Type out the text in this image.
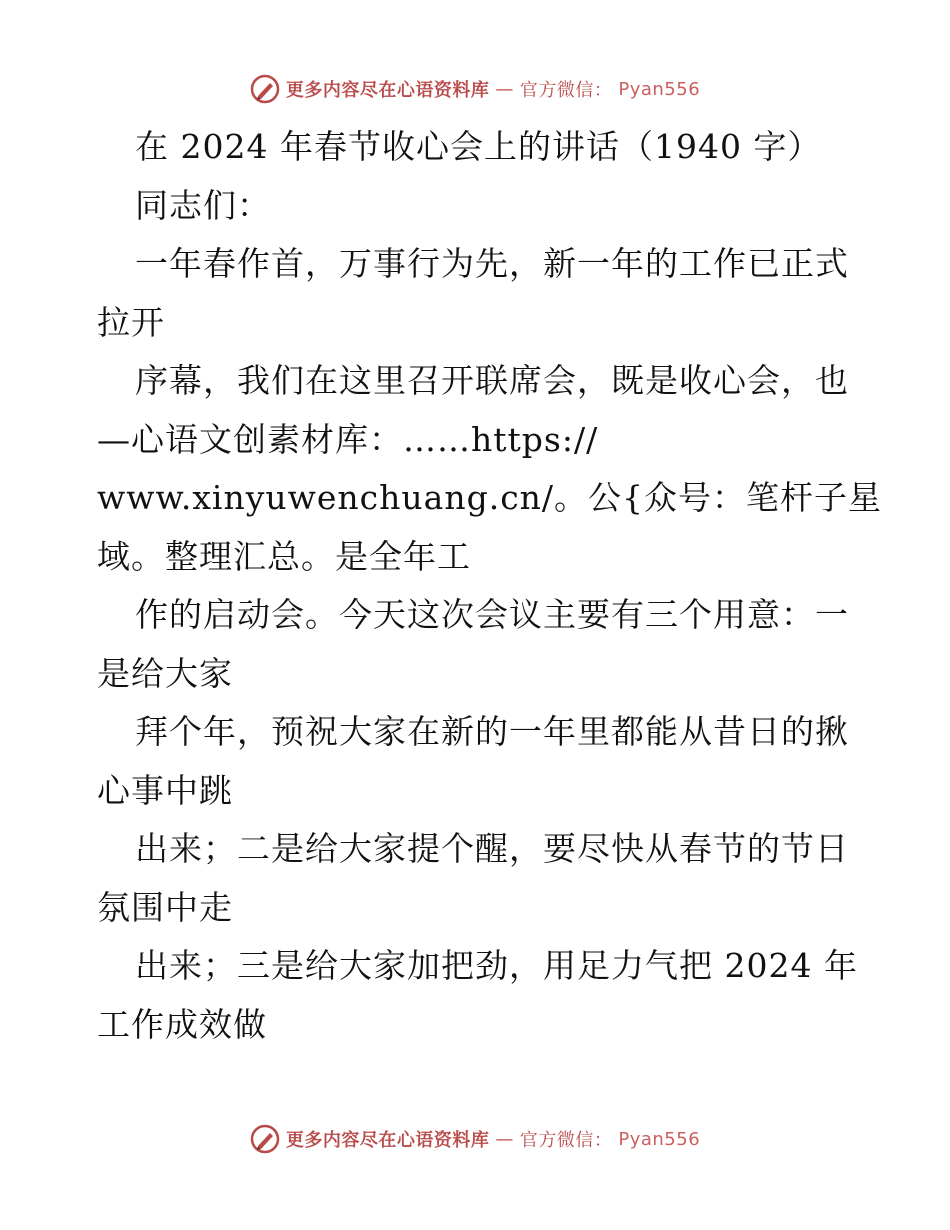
更多内容尽在心语资料库 — 官方微信： Pyan556
在 2024 年春节收心会上的讲话（1940 字）
同志们：
一年春作首，万事行为先，新一年的工作已正式
拉开
序幕，我们在这里召开联席会，既是收心会，也
—心语文创素材库：……https://
www.xinyuwenchuang.cn/。公{众号：笔杆子星
域。整理汇总。是全年工
作的启动会。今天这次会议主要有三个用意：一
是给大家
拜个年，预祝大家在新的一年里都能从昔日的揪
心事中跳
出来；二是给大家提个醒，要尽快从春节的节日
氛围中走
出来；三是给大家加把劲，用足力气把 2024 年
工作成效做
更多内容尽在心语资料库 — 官方微信： Pyan556
